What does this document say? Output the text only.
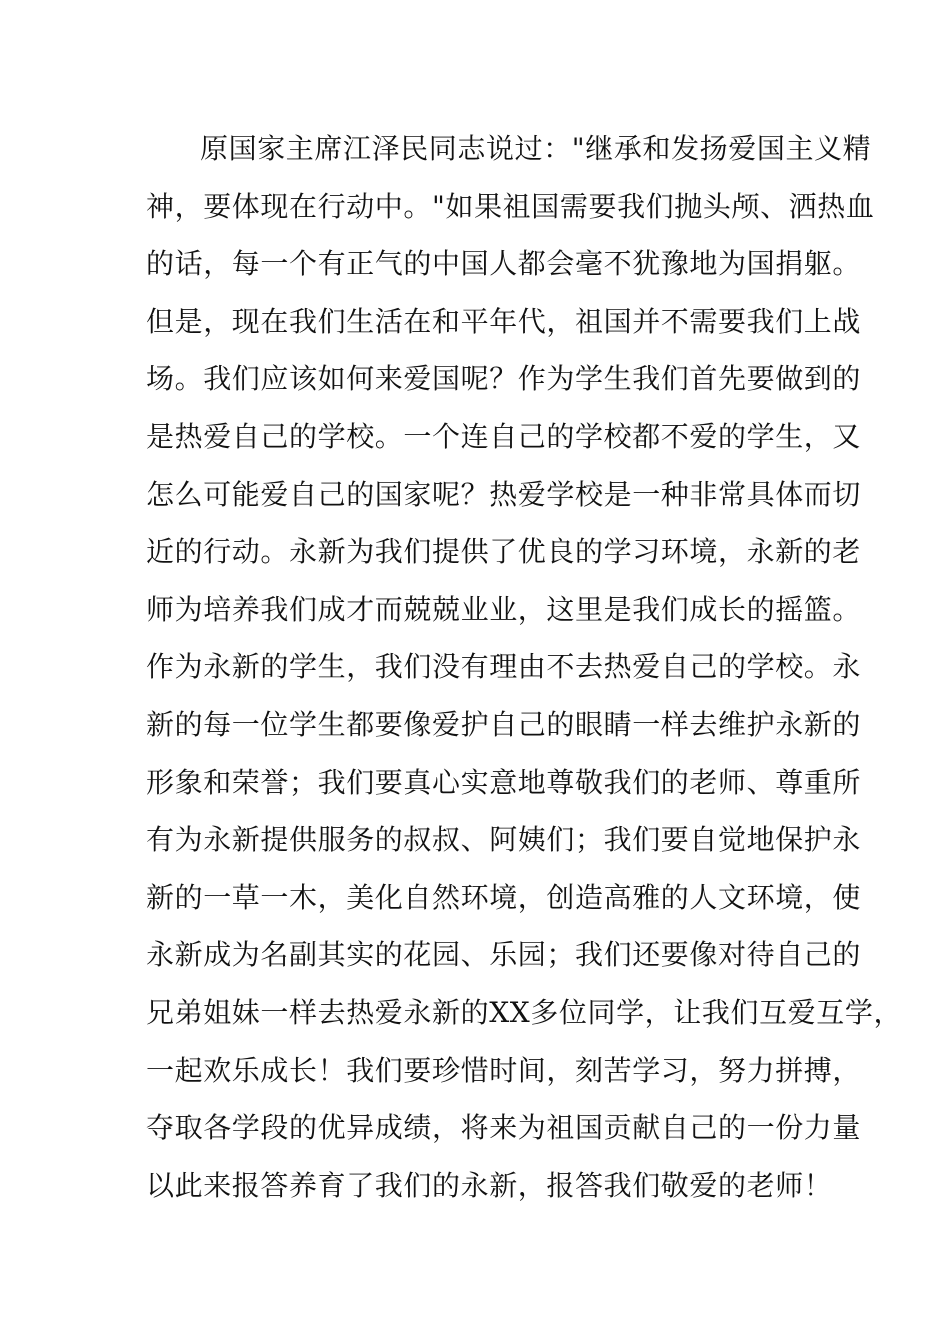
原国家主席江泽民同志说过："继承和发扬爱国主义精
神，要体现在行动中。"如果祖国需要我们抛头颅、洒热血
的话，每一个有正气的中国人都会毫不犹豫地为国捐躯。
但是，现在我们生活在和平年代，祖国并不需要我们上战
场。我们应该如何来爱国呢？作为学生我们首先要做到的
是热爱自己的学校。一个连自己的学校都不爱的学生，又
怎么可能爱自己的国家呢？热爱学校是一种非常具体而切
近的行动。永新为我们提供了优良的学习环境，永新的老
师为培养我们成才而兢兢业业，这里是我们成长的摇篮。
作为永新的学生，我们没有理由不去热爱自己的学校。永
新的每一位学生都要像爱护自己的眼睛一样去维护永新的
形象和荣誉；我们要真心实意地尊敬我们的老师、尊重所
有为永新提供服务的叔叔、阿姨们；我们要自觉地保护永
新的一草一木，美化自然环境，创造高雅的人文环境，使
永新成为名副其实的花园、乐园；我们还要像对待自己的
兄弟姐妹一样去热爱永新的XX多位同学，让我们互爱互学，
一起欢乐成长！我们要珍惜时间，刻苦学习，努力拼搏，
夺取各学段的优异成绩，将来为祖国贡献自己的一份力量
以此来报答养育了我们的永新，报答我们敬爱的老师！
